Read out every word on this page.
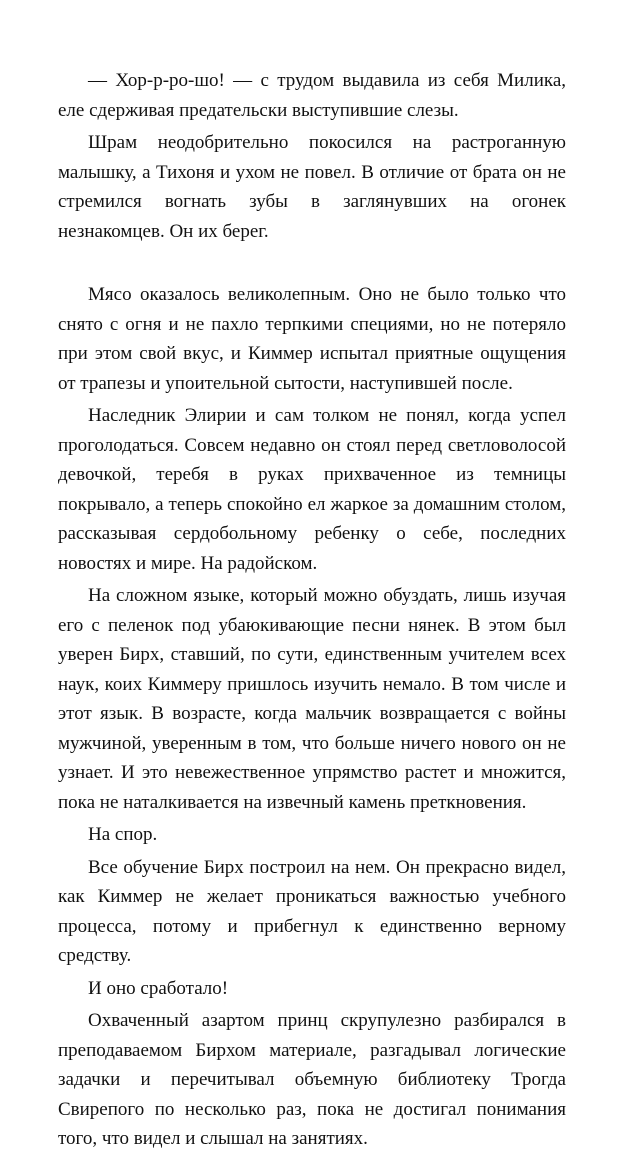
— Хор-р-ро-шо! — с трудом выдавила из себя Милика, еле сдерживая предательски выступившие слезы.

Шрам неодобрительно покосился на растроганную малышку, а Тихоня и ухом не повел. В отличие от брата он не стремился вогнать зубы в заглянувших на огонек незнакомцев. Он их берег.

Мясо оказалось великолепным. Оно не было только что снято с огня и не пахло терпкими специями, но не потеряло при этом свой вкус, и Киммер испытал приятные ощущения от трапезы и упоительной сытости, наступившей после.

Наследник Элирии и сам толком не понял, когда успел проголодаться. Совсем недавно он стоял перед светловолосой девочкой, теребя в руках прихваченное из темницы покрывало, а теперь спокойно ел жаркое за домашним столом, рассказывая сердобольному ребенку о себе, последних новостях и мире. На радойском.

На сложном языке, который можно обуздать, лишь изучая его с пеленок под убаюкивающие песни нянек. В этом был уверен Бирх, ставший, по сути, единственным учителем всех наук, коих Киммеру пришлось изучить немало. В том числе и этот язык. В возрасте, когда мальчик возвращается с войны мужчиной, уверенным в том, что больше ничего нового он не узнает. И это невежественное упрямство растет и множится, пока не наталкивается на извечный камень преткновения.

На спор.

Все обучение Бирх построил на нем. Он прекрасно видел, как Киммер не желает проникаться важностью учебного процесса, потому и прибегнул к единственно верному средству.

И оно сработало!

Охваченный азартом принц скрупулезно разбирался в преподаваемом Бирхом материале, разгадывал логические задачки и перечитывал объемную библиотеку Трогда Свирепого по несколько раз, пока не достигал понимания того, что видел и слышал на занятиях.
